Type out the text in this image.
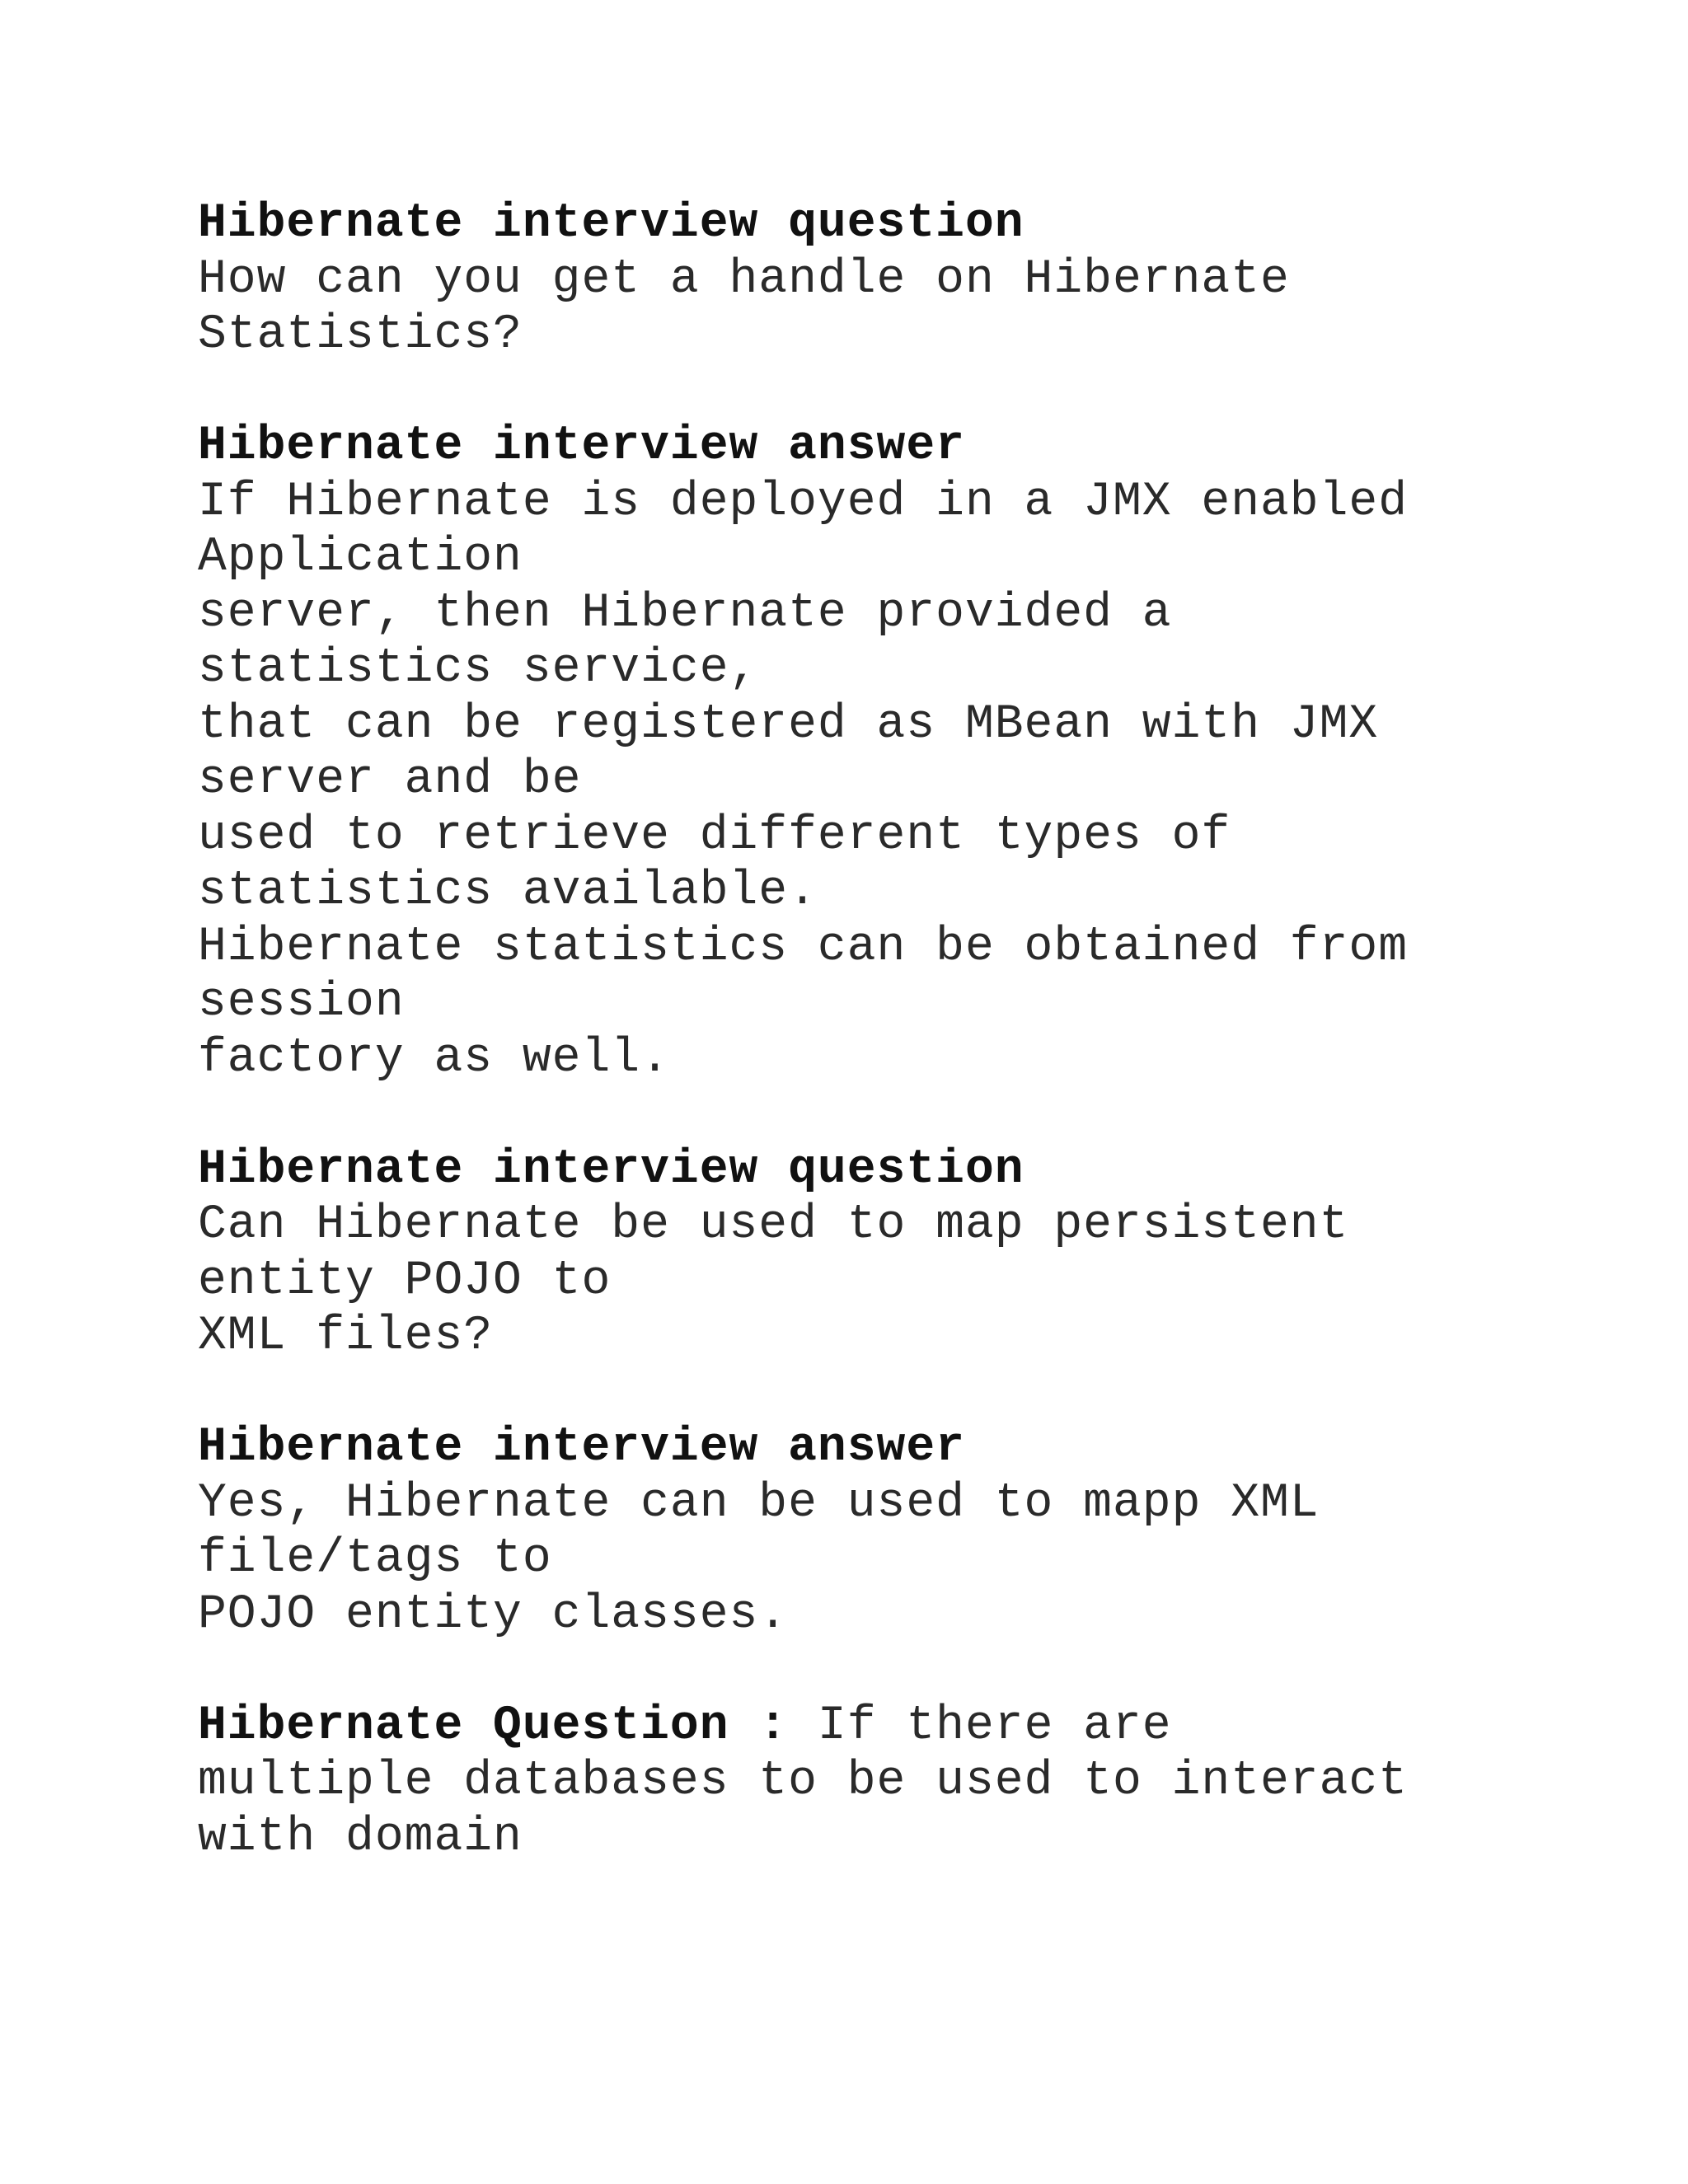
Hibernate interview question
How can you get a handle on Hibernate
Statistics?
Hibernate interview answer
If Hibernate is deployed in a JMX enabled
Application
server, then Hibernate provided a
statistics service,
that can be registered as MBean with JMX
server and be
used to retrieve different types of
statistics available.
Hibernate statistics can be obtained from
session
factory as well.
Hibernate interview question
Can Hibernate be used to map persistent
entity POJO to
XML files?
Hibernate interview answer
Yes, Hibernate can be used to mapp XML
file/tags to
POJO entity classes.
Hibernate Question : If there are
multiple databases to be used to interact
with domain
